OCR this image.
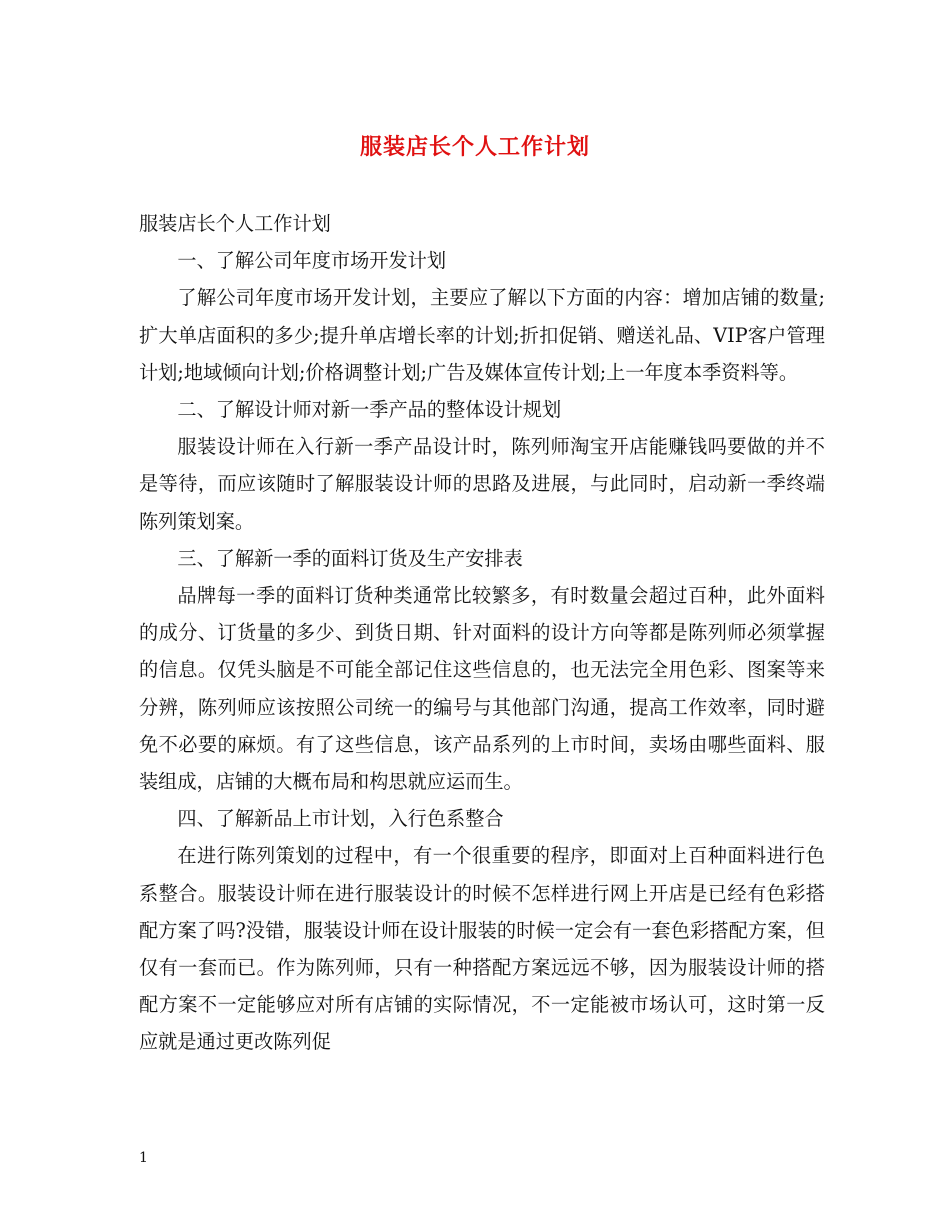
服装店长个人工作计划

服装店长个人工作计划

一、了解公司年度市场开发计划

了解公司年度市场开发计划，主要应了解以下方面的内容：增加店铺的数量;扩大单店面积的多少;提升单店增长率的计划;折扣促销、赠送礼品、VIP客户管理计划;地域倾向计划;价格调整计划;广告及媒体宣传计划;上一年度本季资料等。

二、了解设计师对新一季产品的整体设计规划

服装设计师在入行新一季产品设计时，陈列师淘宝开店能赚钱吗要做的并不是等待，而应该随时了解服装设计师的思路及进展，与此同时，启动新一季终端陈列策划案。

三、了解新一季的面料订货及生产安排表

品牌每一季的面料订货种类通常比较繁多，有时数量会超过百种，此外面料的成分、订货量的多少、到货日期、针对面料的设计方向等都是陈列师必须掌握的信息。仅凭头脑是不可能全部记住这些信息的，也无法完全用色彩、图案等来分辨，陈列师应该按照公司统一的编号与其他部门沟通，提高工作效率，同时避免不必要的麻烦。有了这些信息，该产品系列的上市时间，卖场由哪些面料、服装组成，店铺的大概布局和构思就应运而生。

四、了解新品上市计划，入行色系整合

在进行陈列策划的过程中，有一个很重要的程序，即面对上百种面料进行色系整合。服装设计师在进行服装设计的时候不怎样进行网上开店是已经有色彩搭配方案了吗?没错，服装设计师在设计服装的时候一定会有一套色彩搭配方案，但仅有一套而已。作为陈列师，只有一种搭配方案远远不够，因为服装设计师的搭配方案不一定能够应对所有店铺的实际情况，不一定能被市场认可，这时第一反应就是通过更改陈列促

1
